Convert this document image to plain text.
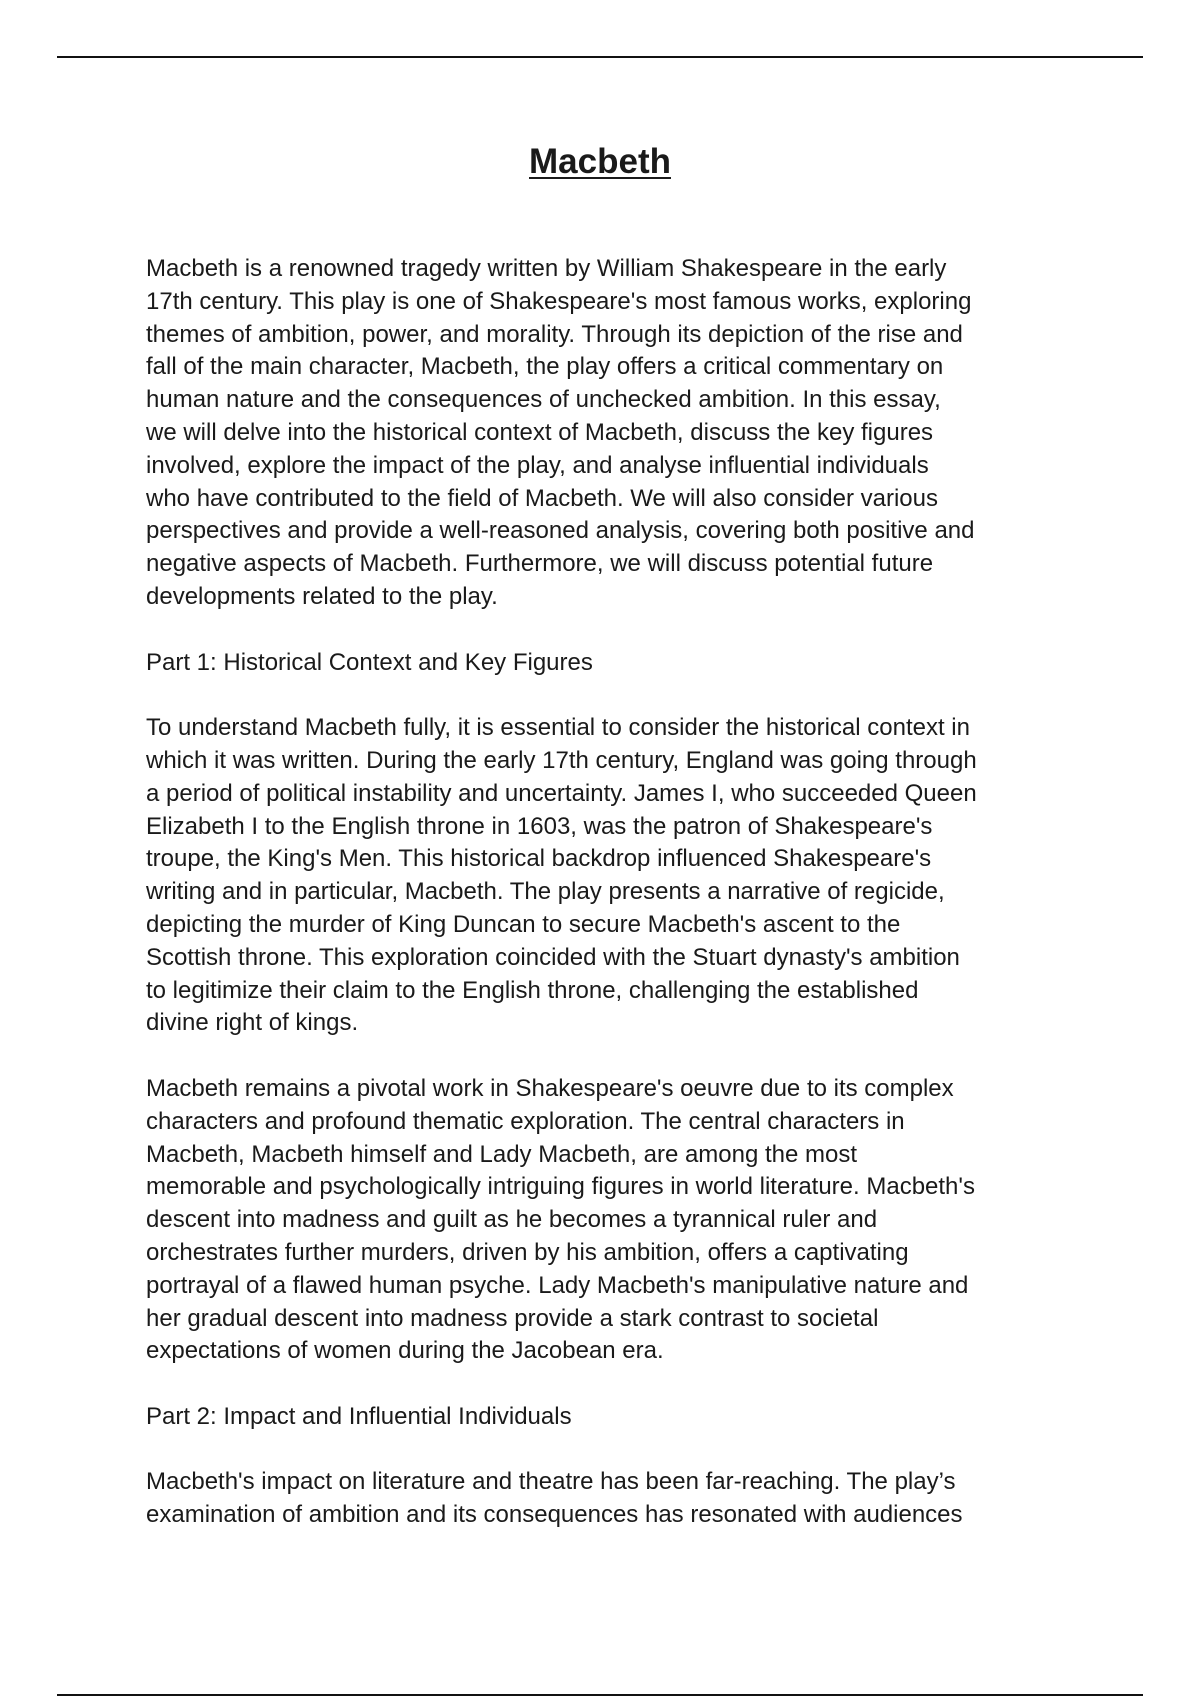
Macbeth

Macbeth is a renowned tragedy written by William Shakespeare in the early
17th century. This play is one of Shakespeare's most famous works, exploring
themes of ambition, power, and morality. Through its depiction of the rise and
fall of the main character, Macbeth, the play offers a critical commentary on
human nature and the consequences of unchecked ambition. In this essay,
we will delve into the historical context of Macbeth, discuss the key figures
involved, explore the impact of the play, and analyse influential individuals
who have contributed to the field of Macbeth. We will also consider various
perspectives and provide a well-reasoned analysis, covering both positive and
negative aspects of Macbeth. Furthermore, we will discuss potential future
developments related to the play.

Part 1: Historical Context and Key Figures

To understand Macbeth fully, it is essential to consider the historical context in
which it was written. During the early 17th century, England was going through
a period of political instability and uncertainty. James I, who succeeded Queen
Elizabeth I to the English throne in 1603, was the patron of Shakespeare's
troupe, the King's Men. This historical backdrop influenced Shakespeare's
writing and in particular, Macbeth. The play presents a narrative of regicide,
depicting the murder of King Duncan to secure Macbeth's ascent to the
Scottish throne. This exploration coincided with the Stuart dynasty's ambition
to legitimize their claim to the English throne, challenging the established
divine right of kings.

Macbeth remains a pivotal work in Shakespeare's oeuvre due to its complex
characters and profound thematic exploration. The central characters in
Macbeth, Macbeth himself and Lady Macbeth, are among the most
memorable and psychologically intriguing figures in world literature. Macbeth's
descent into madness and guilt as he becomes a tyrannical ruler and
orchestrates further murders, driven by his ambition, offers a captivating
portrayal of a flawed human psyche. Lady Macbeth's manipulative nature and
her gradual descent into madness provide a stark contrast to societal
expectations of women during the Jacobean era.

Part 2: Impact and Influential Individuals

Macbeth's impact on literature and theatre has been far-reaching. The play’s
examination of ambition and its consequences has resonated with audiences
